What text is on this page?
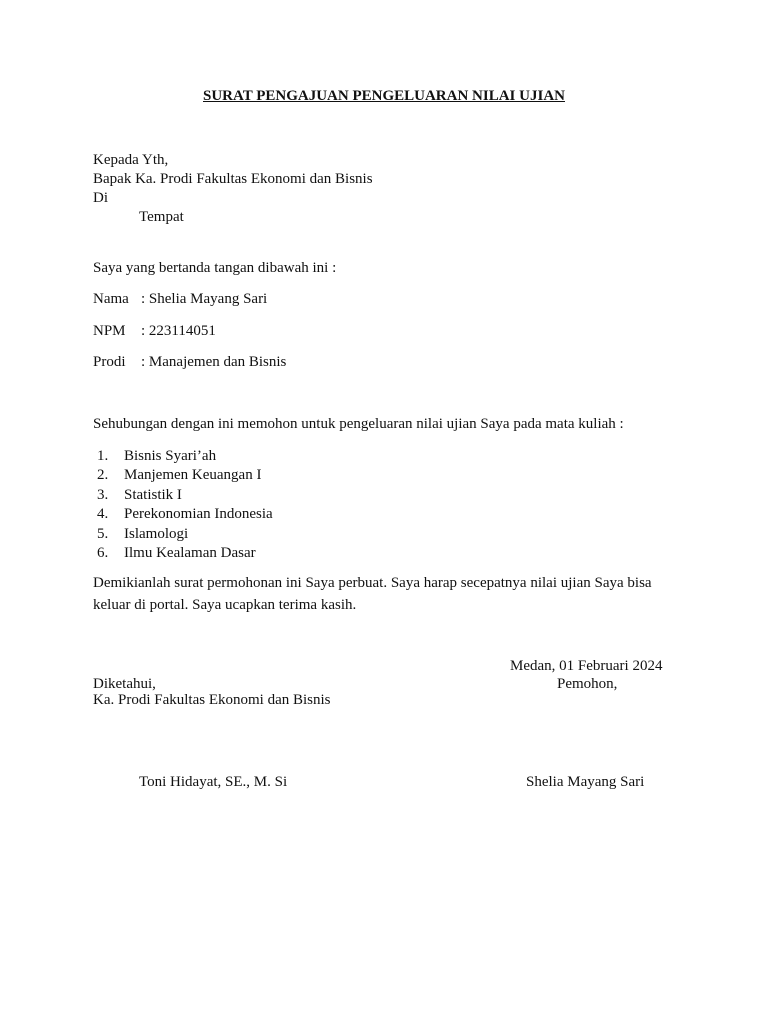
SURAT PENGAJUAN PENGELUARAN NILAI UJIAN
Kepada Yth,
Bapak Ka. Prodi Fakultas Ekonomi dan Bisnis
Di
Tempat
Saya yang bertanda tangan dibawah ini :
Nama : Shelia Mayang Sari
NPM : 223114051
Prodi : Manajemen dan Bisnis
Sehubungan dengan ini memohon untuk pengeluaran nilai ujian Saya pada mata kuliah :
1. Bisnis Syari’ah
2. Manjemen Keuangan I
3. Statistik I
4. Perekonomian Indonesia
5. Islamologi
6. Ilmu Kealaman Dasar
Demikianlah surat permohonan ini Saya perbuat. Saya harap secepatnya nilai ujian Saya bisa
keluar di portal. Saya ucapkan terima kasih.
Medan, 01 Februari 2024
Diketahui,	Pemohon,
Ka. Prodi Fakultas Ekonomi dan Bisnis
Toni Hidayat, SE., M. Si	Shelia Mayang Sari
